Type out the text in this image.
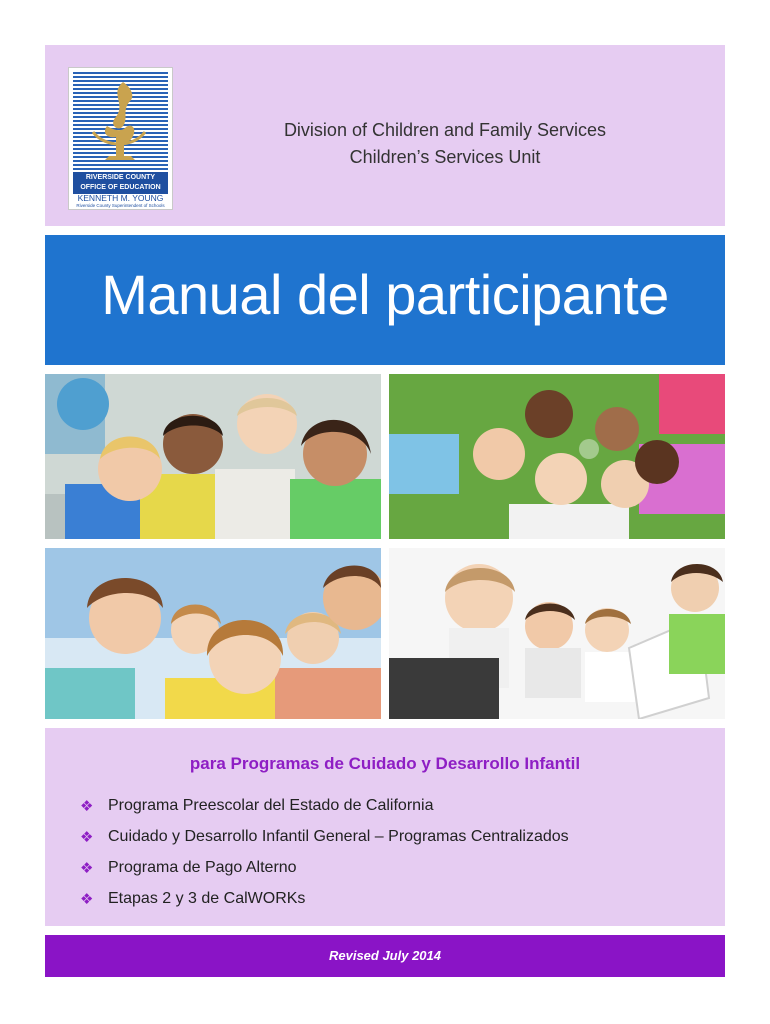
RIVERSIDE COUNTY
OFFICE OF EDUCATION
KENNETH M. YOUNG
Riverside County Superintendent of Schools
Division of Children and Family Services
Children’s Services Unit
Manual del participante
para Programas de Cuidado y Desarrollo Infantil
❖ Programa Preescolar del Estado de California
❖ Cuidado y Desarrollo Infantil General – Programas Centralizados
❖ Programa de Pago Alterno
❖ Etapas 2 y 3 de CalWORKs
Revised July 2014
